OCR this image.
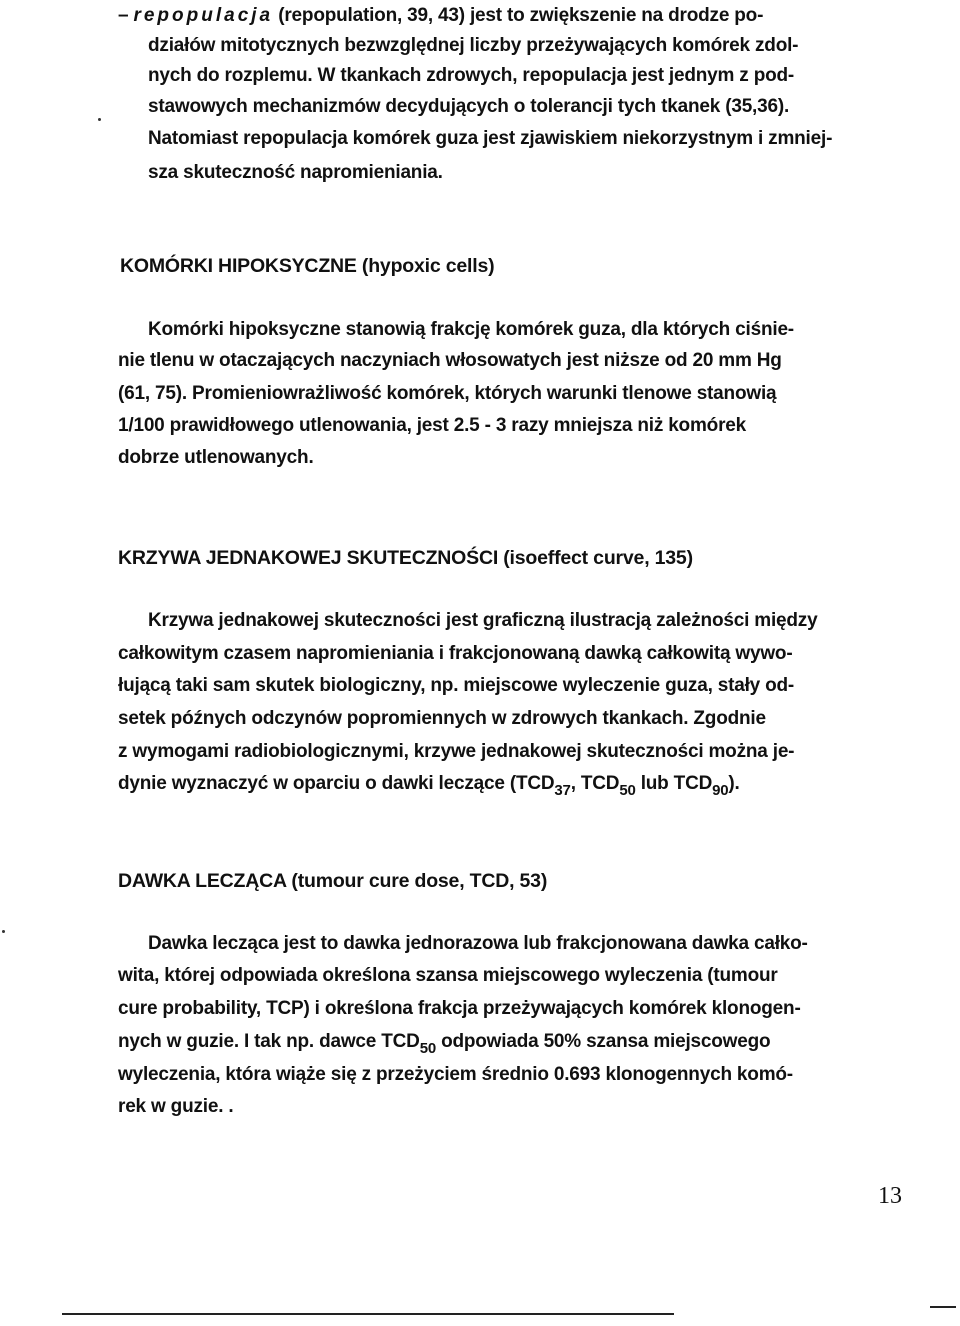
– repopulacja (repopulation, 39, 43) jest to zwiększenie na drodze po-
działów mitotycznych bezwzględnej liczby przeżywających komórek zdol-
nych do rozplemu. W tkankach zdrowych, repopulacja jest jednym z pod-
stawowych mechanizmów decydujących o tolerancji tych tkanek (35,36).
Natomiast repopulacja komórek guza jest zjawiskiem niekorzystnym i zmniej-
sza skuteczność napromieniania.
KOMÓRKI HIPOKSYCZNE (hypoxic cells)
Komórki hipoksyczne stanowią frakcję komórek guza, dla których ciśnie-
nie tlenu w otaczających naczyniach włosowatych jest niższe od 20 mm Hg
(61, 75). Promieniowrażliwość komórek, których warunki tlenowe stanowią
1/100 prawidłowego utlenowania, jest 2.5 - 3 razy mniejsza niż komórek
dobrze utlenowanych.
KRZYWA JEDNAKOWEJ SKUTECZNOŚCI (isoeffect curve, 135)
Krzywa jednakowej skuteczności jest graficzną ilustracją zależności między
całkowitym czasem napromieniania i frakcjonowaną dawką całkowitą wywo-
łującą taki sam skutek biologiczny, np. miejscowe wyleczenie guza, stały od-
setek późnych odczynów popromiennych w zdrowych tkankach. Zgodnie
z wymogami radiobiologicznymi, krzywe jednakowej skuteczności można je-
dynie wyznaczyć w oparciu o dawki leczące ($TCD_{37}$, $TCD_{50}$ lub $TCD_{90}$).
DAWKA LECZĄCA (tumour cure dose, TCD, 53)
Dawka lecząca jest to dawka jednorazowa lub frakcjonowana dawka całko-
wita, której odpowiada określona szansa miejscowego wyleczenia (tumour
cure probability, TCP) i określona frakcja przeżywających komórek klonogen-
nych w guzie. I tak np. dawce $TCD_{50}$ odpowiada 50% szansa miejscowego
wyleczenia, która wiąże się z przeżyciem średnio 0.693 klonogennych komó-
rek w guzie. .
13
